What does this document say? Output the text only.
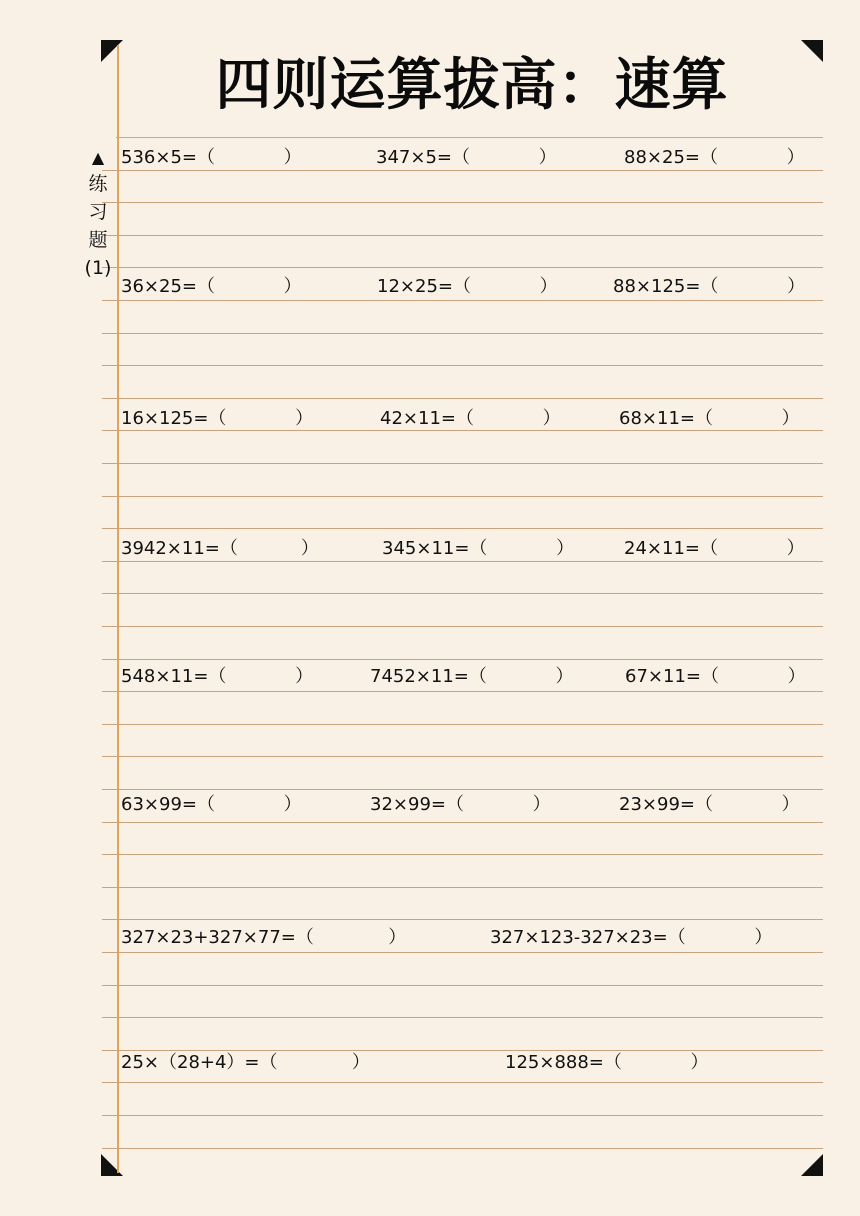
四则运算拔高：速算
▲
练
习
题
(1)
536×5=（            ）	347×5=（            ）	88×25=（            ）
36×25=（            ）	12×25=（            ）	88×125=（            ）
16×125=（            ）	42×11=（            ）	68×11=（            ）
3942×11=（           ）	345×11=（            ）	24×11=（            ）
548×11=（            ）	7452×11=（            ）	67×11=（            ）
63×99=（            ）	32×99=（            ）	23×99=（            ）
327×23+327×77=（             ）	327×123-327×23=（            ）
25×（28+4）=（             ）	125×888=（            ）
